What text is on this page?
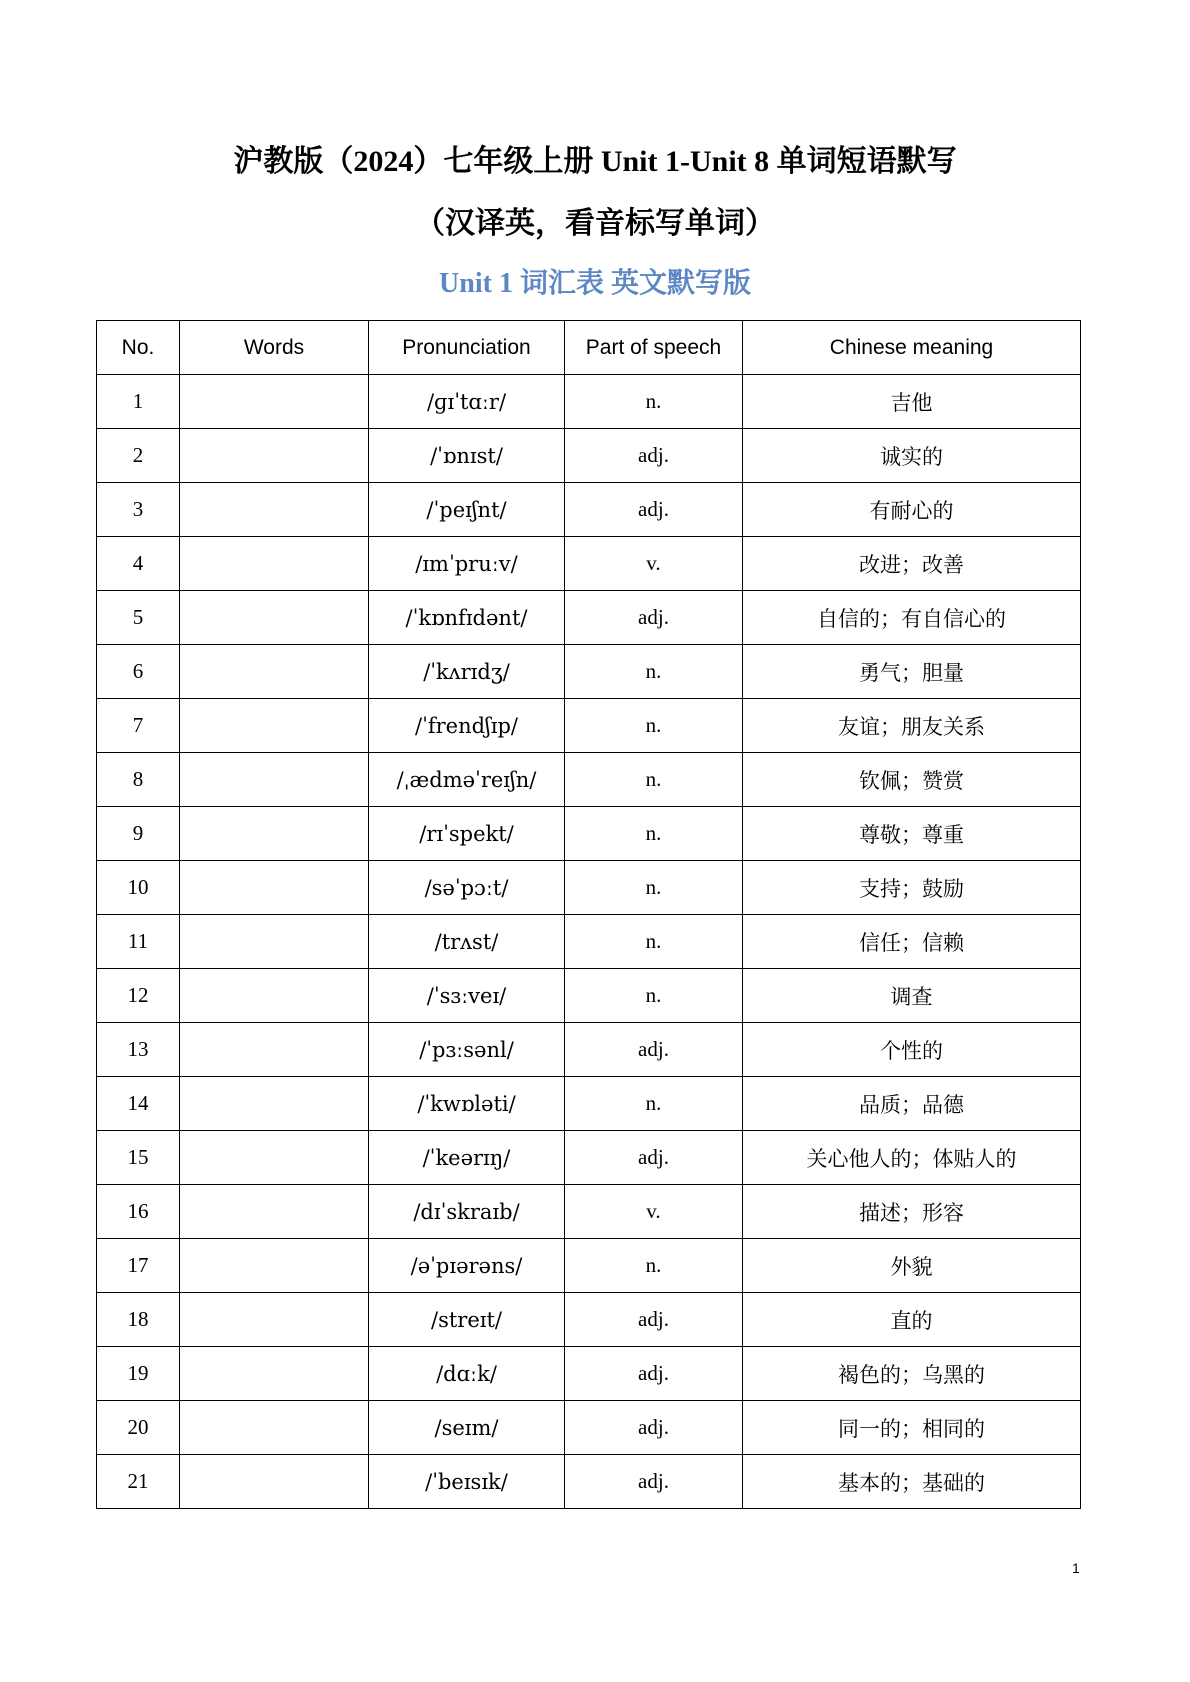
沪教版（2024）七年级上册 Unit 1-Unit 8 单词短语默写
（汉译英，看音标写单词）
Unit 1 词汇表 英文默写版
No.	Words	Pronunciation	Part of speech	Chinese meaning
1		/ɡɪˈtɑːr/	n.	吉他
2		/ˈɒnɪst/	adj.	诚实的
3		/ˈpeɪʃnt/	adj.	有耐心的
4		/ɪmˈpruːv/	v.	改进；改善
5		/ˈkɒnfɪdənt/	adj.	自信的；有自信心的
6		/ˈkʌrɪdʒ/	n.	勇气；胆量
7		/ˈfrendʃɪp/	n.	友谊；朋友关系
8		/ˌædməˈreɪʃn/	n.	钦佩；赞赏
9		/rɪˈspekt/	n.	尊敬；尊重
10		/səˈpɔːt/	n.	支持；鼓励
11		/trʌst/	n.	信任；信赖
12		/ˈsɜːveɪ/	n.	调查
13		/ˈpɜːsənl/	adj.	个性的
14		/ˈkwɒləti/	n.	品质；品德
15		/ˈkeərɪŋ/	adj.	关心他人的；体贴人的
16		/dɪˈskraɪb/	v.	描述；形容
17		/əˈpɪərəns/	n.	外貌
18		/streɪt/	adj.	直的
19		/dɑːk/	adj.	褐色的；乌黑的
20		/seɪm/	adj.	同一的；相同的
21		/ˈbeɪsɪk/	adj.	基本的；基础的
1
